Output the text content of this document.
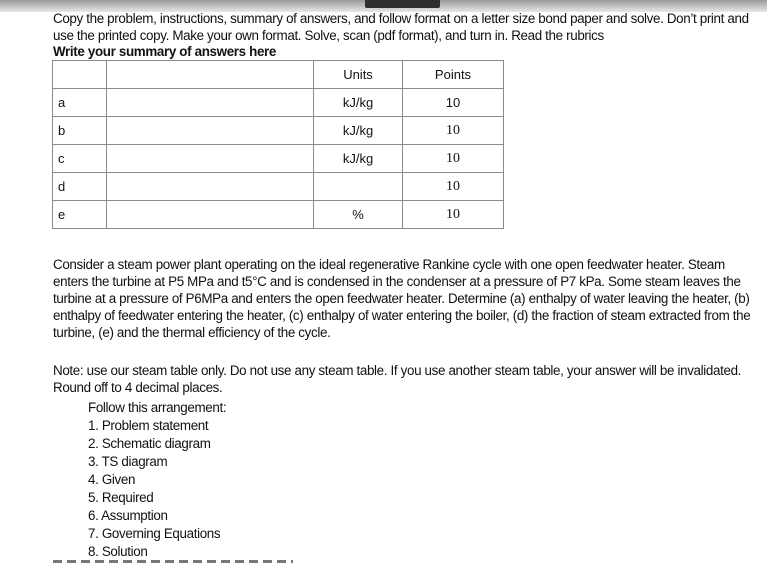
Copy the problem, instructions, summary of answers, and follow format on a letter size bond paper and solve. Don’t print and use the printed copy. Make your own format. Solve, scan (pdf format), and turn in. Read the rubrics

Write your summary of answers here

		Units	Points
a		kJ/kg	10
b		kJ/kg	10
c		kJ/kg	10
d			10
e		%	10

Consider a steam power plant operating on the ideal regenerative Rankine cycle with one open feedwater heater. Steam enters the turbine at P5 MPa and t5°C and is condensed in the condenser at a pressure of P7 kPa. Some steam leaves the turbine at a pressure of P6MPa and enters the open feedwater heater. Determine (a) enthalpy of water leaving the heater, (b) enthalpy of feedwater entering the heater, (c) enthalpy of water entering the boiler, (d) the fraction of steam extracted from the turbine, (e) and the thermal efficiency of the cycle.

Note: use our steam table only. Do not use any steam table. If you use another steam table, your answer will be invalidated. Round off to 4 decimal places.

Follow this arrangement:

1. Problem statement
2. Schematic diagram
3. TS diagram
4. Given
5. Required
6. Assumption
7. Governing Equations
8. Solution
